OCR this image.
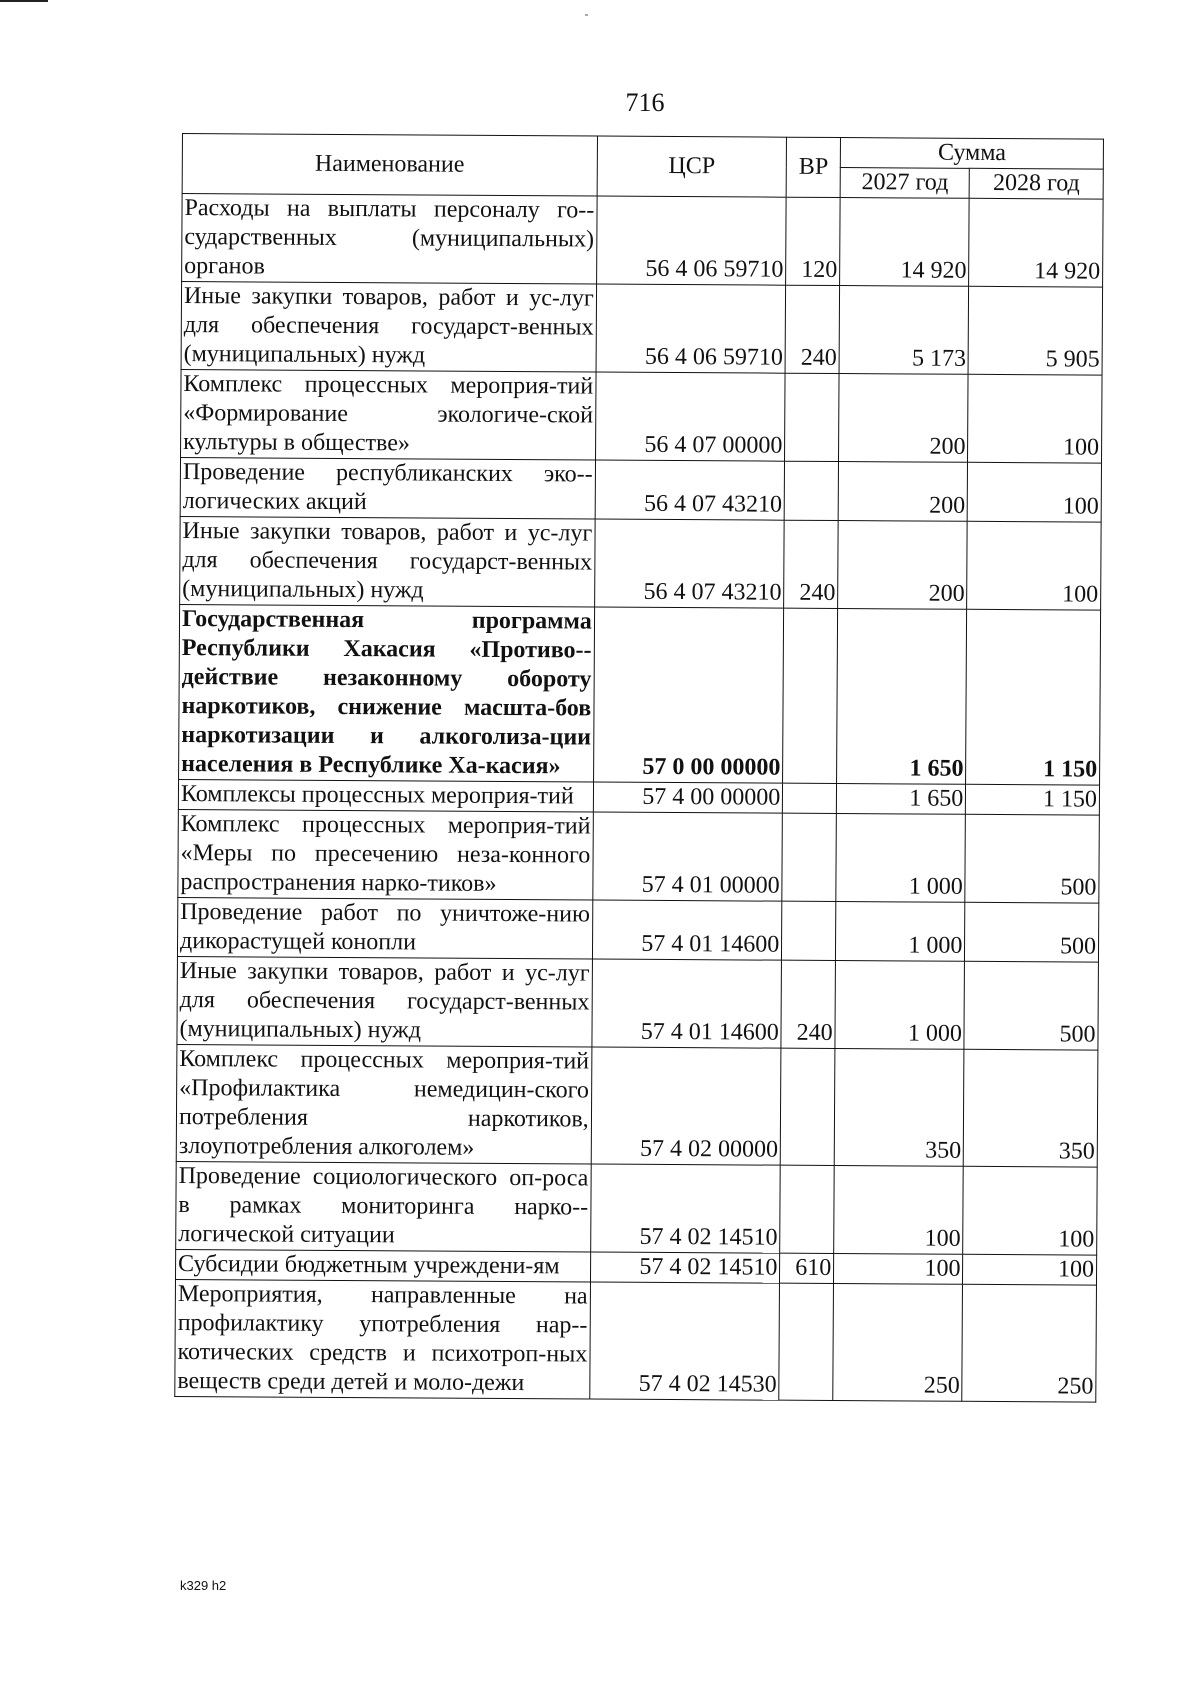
716
Наименование	ЦСР	ВР	Сумма	
			2027 год	2028 год
Расходы на выплаты персоналу го-сударственных (муниципальных) органов	56 4 06 59710	120	14 920	14 920
Иные закупки товаров, работ и ус-луг для обеспечения государст-венных (муниципальных) нужд	56 4 06 59710	240	5 173	5 905
Комплекс процессных мероприя-тий «Формирование экологиче-ской культуры в обществе»	56 4 07 00000		200	100
Проведение республиканских эко-логических акций	56 4 07 43210		200	100
Иные закупки товаров, работ и ус-луг для обеспечения государст-венных (муниципальных) нужд	56 4 07 43210	240	200	100
Государственная программа Республики Хакасия «Противо-действие незаконному обороту наркотиков, снижение масшта-бов наркотизации и алкоголиза-ции населения в Республике Ха-касия»	57 0 00 00000		1 650	1 150
Комплексы процессных мероприя-тий	57 4 00 00000		1 650	1 150
Комплекс процессных мероприя-тий «Меры по пресечению неза-конного распространения нарко-тиков»	57 4 01 00000		1 000	500
Проведение работ по уничтоже-нию дикорастущей конопли	57 4 01 14600		1 000	500
Иные закупки товаров, работ и ус-луг для обеспечения государст-венных (муниципальных) нужд	57 4 01 14600	240	1 000	500
Комплекс процессных мероприя-тий «Профилактика немедицин-ского потребления наркотиков, злоупотребления алкоголем»	57 4 02 00000		350	350
Проведение социологического оп-роса в рамках мониторинга нарко-логической ситуации	57 4 02 14510		100	100
Субсидии бюджетным учреждени-ям	57 4 02 14510	610	100	100
Мероприятия, направленные на профилактику употребления нар-котических средств и психотроп-ных веществ среди детей и моло-дежи	57 4 02 14530		250	250
k329 h2
